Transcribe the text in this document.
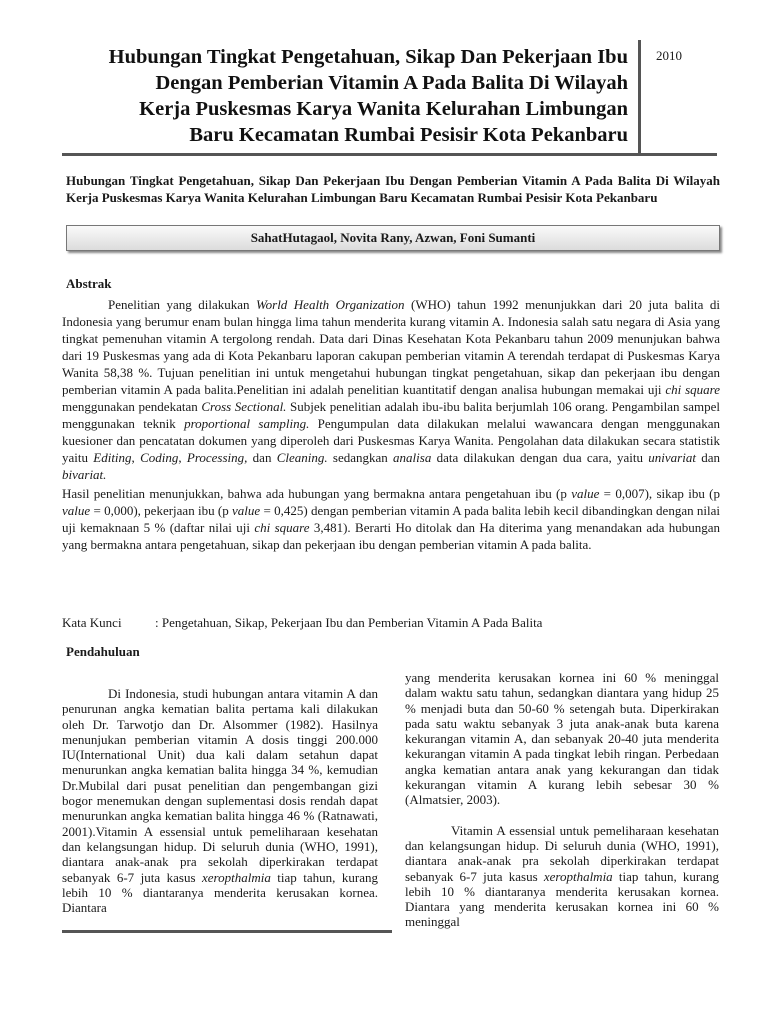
Hubungan Tingkat Pengetahuan, Sikap Dan Pekerjaan Ibu
Dengan Pemberian Vitamin A Pada Balita Di Wilayah
Kerja Puskesmas Karya Wanita Kelurahan Limbungan
Baru Kecamatan Rumbai Pesisir Kota Pekanbaru
2010
Hubungan Tingkat Pengetahuan, Sikap Dan Pekerjaan Ibu Dengan Pemberian Vitamin A Pada Balita Di Wilayah Kerja Puskesmas Karya Wanita Kelurahan Limbungan Baru Kecamatan Rumbai Pesisir Kota Pekanbaru
SahatHutagaol, Novita Rany, Azwan, Foni Sumanti
Abstrak

Penelitian yang dilakukan World Health Organization (WHO) tahun 1992 menunjukkan dari 20 juta balita di Indonesia yang berumur enam bulan hingga lima tahun menderita kurang vitamin A. Indonesia salah satu negara di Asia yang tingkat pemenuhan vitamin A tergolong rendah. Data dari Dinas Kesehatan Kota Pekanbaru tahun 2009 menunjukan bahwa dari 19 Puskesmas yang ada di Kota Pekanbaru laporan cakupan pemberian vitamin A terendah terdapat di Puskesmas Karya Wanita 58,38 %. Tujuan penelitian ini untuk mengetahui hubungan tingkat pengetahuan, sikap dan pekerjaan ibu dengan pemberian vitamin A pada balita.Penelitian ini adalah penelitian kuantitatif dengan analisa hubungan memakai uji chi square menggunakan pendekatan Cross Sectional. Subjek penelitian adalah ibu-ibu balita berjumlah 106 orang. Pengambilan sampel menggunakan teknik proportional sampling. Pengumpulan data dilakukan melalui wawancara dengan menggunakan kuesioner dan pencatatan dokumen yang diperoleh dari Puskesmas Karya Wanita. Pengolahan data dilakukan secara statistik yaitu Editing, Coding, Processing, dan Cleaning. sedangkan analisa data dilakukan dengan dua cara, yaitu univariat dan bivariat.

Hasil penelitian menunjukkan, bahwa ada hubungan yang bermakna antara pengetahuan ibu (p value = 0,007), sikap ibu (p value = 0,000), pekerjaan ibu (p value = 0,425) dengan pemberian vitamin A pada balita lebih kecil dibandingkan dengan nilai uji kemaknaan 5 % (daftar nilai uji chi square 3,481). Berarti Ho ditolak dan Ha diterima yang menandakan ada hubungan yang bermakna antara pengetahuan, sikap dan pekerjaan ibu dengan pemberian vitamin A pada balita.

Kata Kunci	: Pengetahuan, Sikap, Pekerjaan Ibu dan Pemberian Vitamin A Pada Balita
Pendahuluan

Di Indonesia, studi hubungan antara vitamin A dan penurunan angka kematian balita pertama kali dilakukan oleh Dr. Tarwotjo dan Dr. Alsommer (1982). Hasilnya menunjukan pemberian vitamin A dosis tinggi 200.000 IU(International Unit) dua kali dalam setahun dapat menurunkan angka kematian balita hingga 34 %, kemudian Dr.Mubilal dari pusat penelitian dan pengembangan gizi bogor menemukan dengan suplementasi dosis rendah dapat menurunkan angka kematian balita hingga 46 % (Ratnawati, 2001).Vitamin A essensial untuk pemeliharaan kesehatan dan kelangsungan hidup. Di seluruh dunia (WHO, 1991), diantara anak-anak pra sekolah diperkirakan terdapat sebanyak 6-7 juta kasus xeropthalmia tiap tahun, kurang lebih 10 % diantaranya menderita kerusakan kornea. Diantara

yang menderita kerusakan kornea ini 60 % meninggal dalam waktu satu tahun, sedangkan diantara yang hidup 25 % menjadi buta dan 50-60 % setengah buta. Diperkirakan pada satu waktu sebanyak 3 juta anak-anak buta karena kekurangan vitamin A, dan sebanyak 20-40 juta menderita kekurangan vitamin A pada tingkat lebih ringan. Perbedaan angka kematian antara anak yang kekurangan dan tidak kekurangan vitamin A kurang lebih sebesar 30 % (Almatsier, 2003).

Vitamin A essensial untuk pemeliharaan kesehatan dan kelangsungan hidup. Di seluruh dunia (WHO, 1991), diantara anak-anak pra sekolah diperkirakan terdapat sebanyak 6-7 juta kasus xeropthalmia tiap tahun, kurang lebih 10 % diantaranya menderita kerusakan kornea. Diantara yang menderita kerusakan kornea ini 60 % meninggal
